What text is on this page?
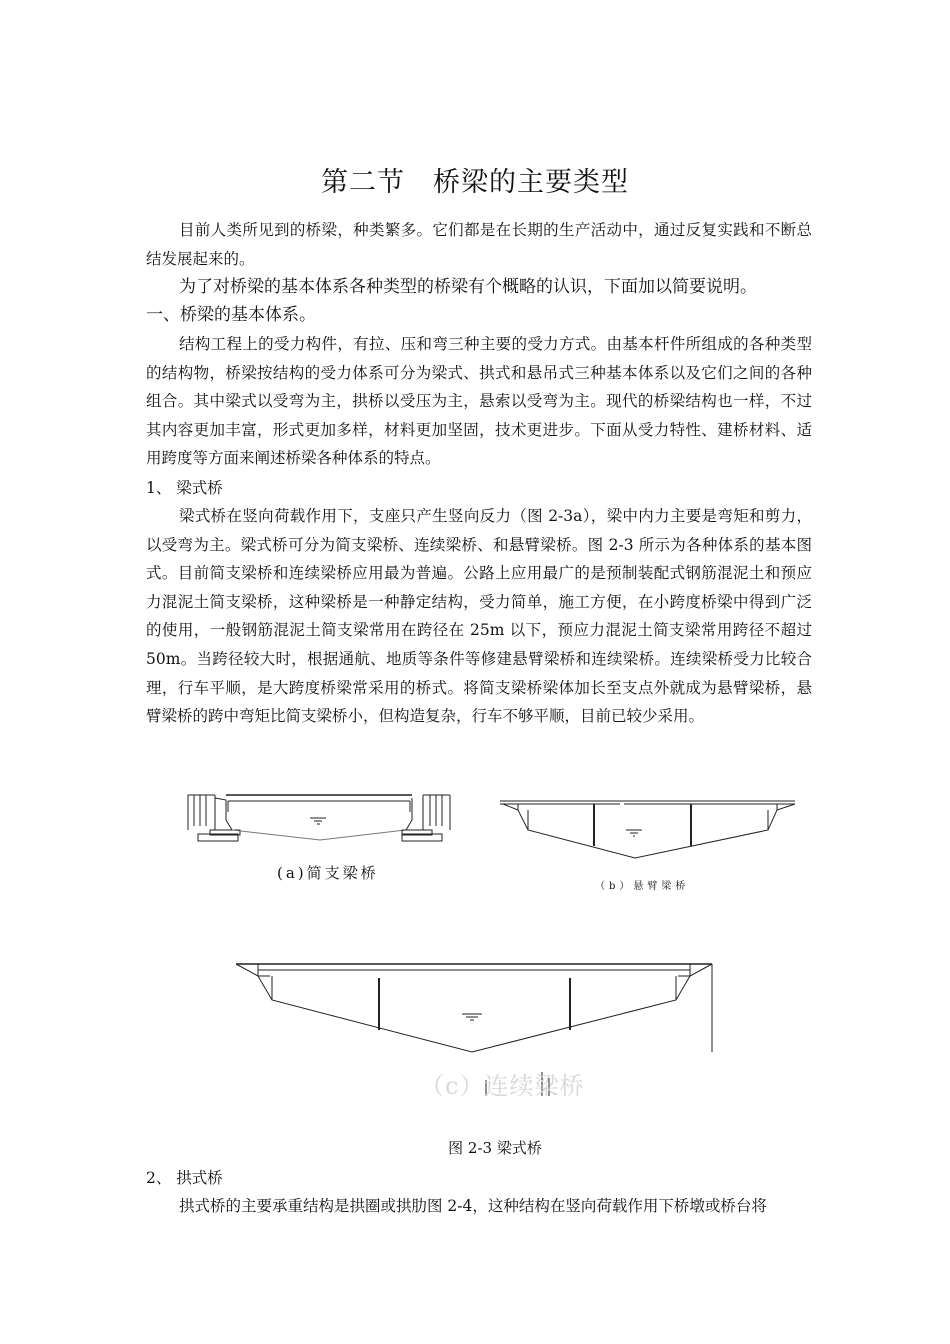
第二节　桥梁的主要类型

目前人类所见到的桥梁，种类繁多。它们都是在长期的生产活动中，通过反复实践和不断总结发展起来的。

为了对桥梁的基本体系各种类型的桥梁有个概略的认识，下面加以简要说明。
一、桥梁的基本体系。

结构工程上的受力构件，有拉、压和弯三种主要的受力方式。由基本杆件所组成的各种类型的结构物，桥梁按结构的受力体系可分为梁式、拱式和悬吊式三种基本体系以及它们之间的各种组合。其中梁式以受弯为主，拱桥以受压为主，悬索以受弯为主。现代的桥梁结构也一样，不过其内容更加丰富，形式更加多样，材料更加坚固，技术更进步。下面从受力特性、建桥材料、适用跨度等方面来阐述桥梁各种体系的特点。

1、 梁式桥

梁式桥在竖向荷载作用下，支座只产生竖向反力（图 2-3a），梁中内力主要是弯矩和剪力，以受弯为主。梁式桥可分为简支梁桥、连续梁桥、和悬臂梁桥。图 2-3 所示为各种体系的基本图式。目前简支梁桥和连续梁桥应用最为普遍。公路上应用最广的是预制装配式钢筋混泥土和预应力混泥土简支梁桥，这种梁桥是一种静定结构，受力简单，施工方便，在小跨度桥梁中得到广泛的使用，一般钢筋混泥土简支梁常用在跨径在 25m 以下，预应力混泥土简支梁常用跨径不超过 50m。当跨径较大时，根据通航、地质等条件等修建悬臂梁桥和连续梁桥。连续梁桥受力比较合理，行车平顺，是大跨度桥梁常采用的桥式。将简支梁桥梁体加长至支点外就成为悬臂梁桥，悬臂梁桥的跨中弯矩比简支梁桥小，但构造复杂，行车不够平顺，目前已较少采用。

(a)简支梁桥
（b）悬臂梁桥
（c）连续梁桥
图 2-3 梁式桥
2、 拱式桥
拱式桥的主要承重结构是拱圈或拱肋图 2-4，这种结构在竖向荷载作用下桥墩或桥台将
